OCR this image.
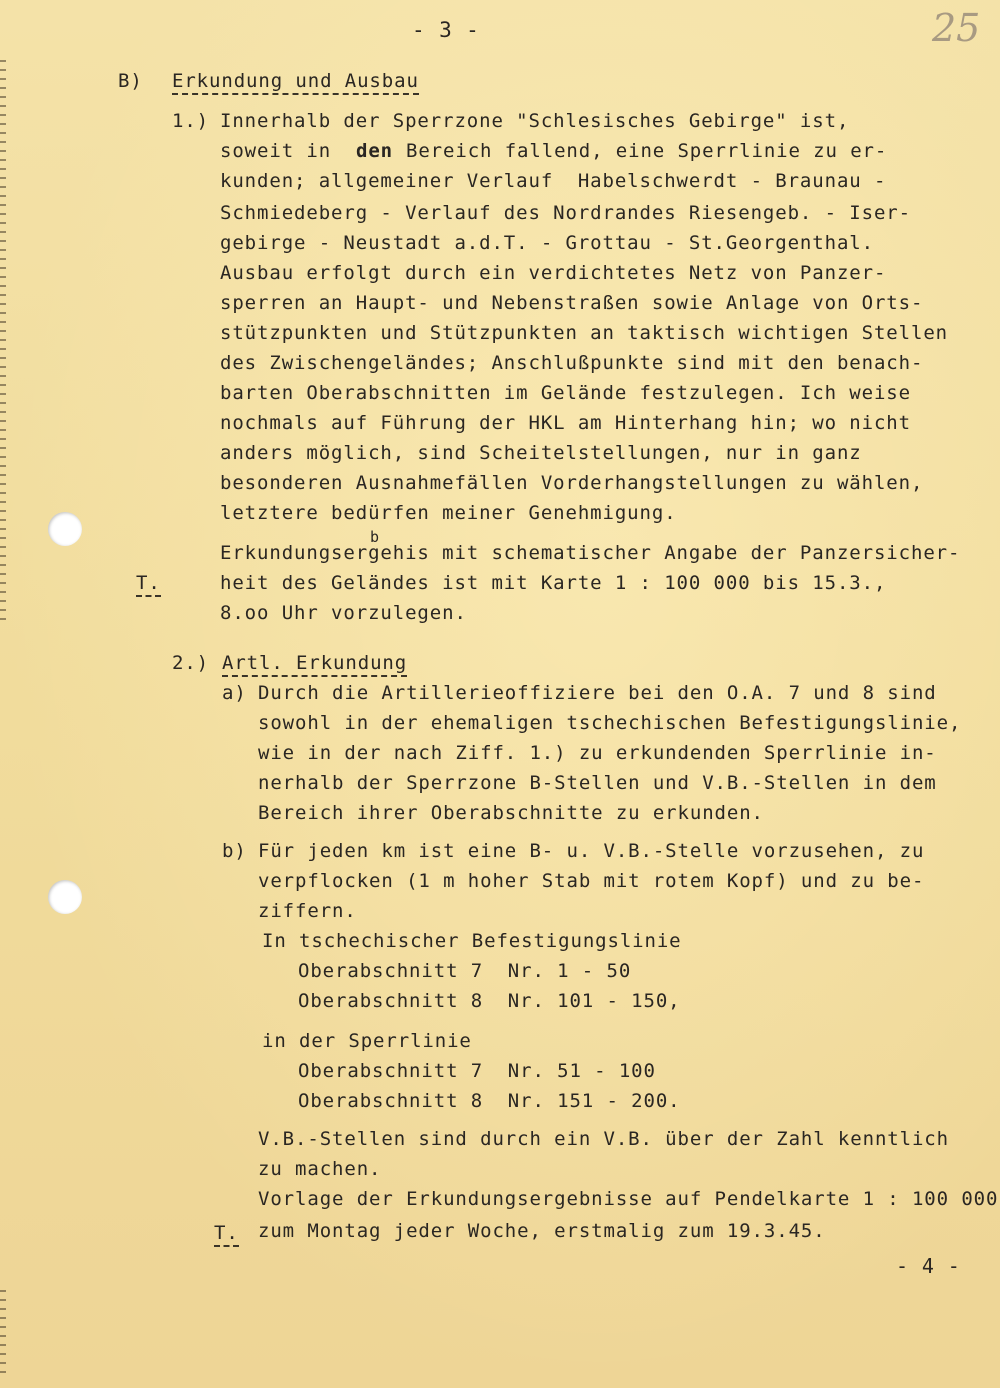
- 3 -	25
B) Erkundung und Ausbau
1.) Innerhalb der Sperrzone "Schlesisches Gebirge" ist,
soweit in den Bereich fallend, eine Sperrlinie zu er-
kunden; allgemeiner Verlauf  Habelschwerdt - Braunau -
Schmiedeberg - Verlauf des Nordrandes Riesengeb. - Iser-
gebirge - Neustadt a.d.T. - Grottau - St.Georgenthal.
Ausbau erfolgt durch ein verdichtetes Netz von Panzer-
sperren an Haupt- und Nebenstraßen sowie Anlage von Orts-
stützpunkten und Stützpunkten an taktisch wichtigen Stellen
des Zwischengeländes; Anschlußpunkte sind mit den benach-
barten Oberabschnitten im Gelände festzulegen. Ich weise
nochmals auf Führung der HKL am Hinterhang hin; wo nicht
anders möglich, sind Scheitelstellungen, nur in ganz
besonderen Ausnahmefällen Vorderhangstellungen zu wählen,
letztere bedürfen meiner Genehmigung.
b
Erkundungsergehis mit schematischer Angabe der Panzersicher-
T.	heit des Geländes ist mit Karte 1 : 100 000 bis 15.3.,
8.oo Uhr vorzulegen.
2.) Artl. Erkundung
a) Durch die Artillerieoffiziere bei den O.A. 7 und 8 sind
sowohl in der ehemaligen tschechischen Befestigungslinie,
wie in der nach Ziff. 1.) zu erkundenden Sperrlinie in-
nerhalb der Sperrzone B-Stellen und V.B.-Stellen in dem
Bereich ihrer Oberabschnitte zu erkunden.
b) Für jeden km ist eine B- u. V.B.-Stelle vorzusehen, zu
verpflocken (1 m hoher Stab mit rotem Kopf) und zu be-
ziffern.
In tschechischer Befestigungslinie
Oberabschnitt 7  Nr. 1 - 50
Oberabschnitt 8  Nr. 101 - 150,
in der Sperrlinie
Oberabschnitt 7  Nr. 51 - 100
Oberabschnitt 8  Nr. 151 - 200.
V.B.-Stellen sind durch ein V.B. über der Zahl kenntlich
zu machen.
Vorlage der Erkundungsergebnisse auf Pendelkarte 1 : 100 000
T. zum Montag jeder Woche, erstmalig zum 19.3.45.
- 4 -
